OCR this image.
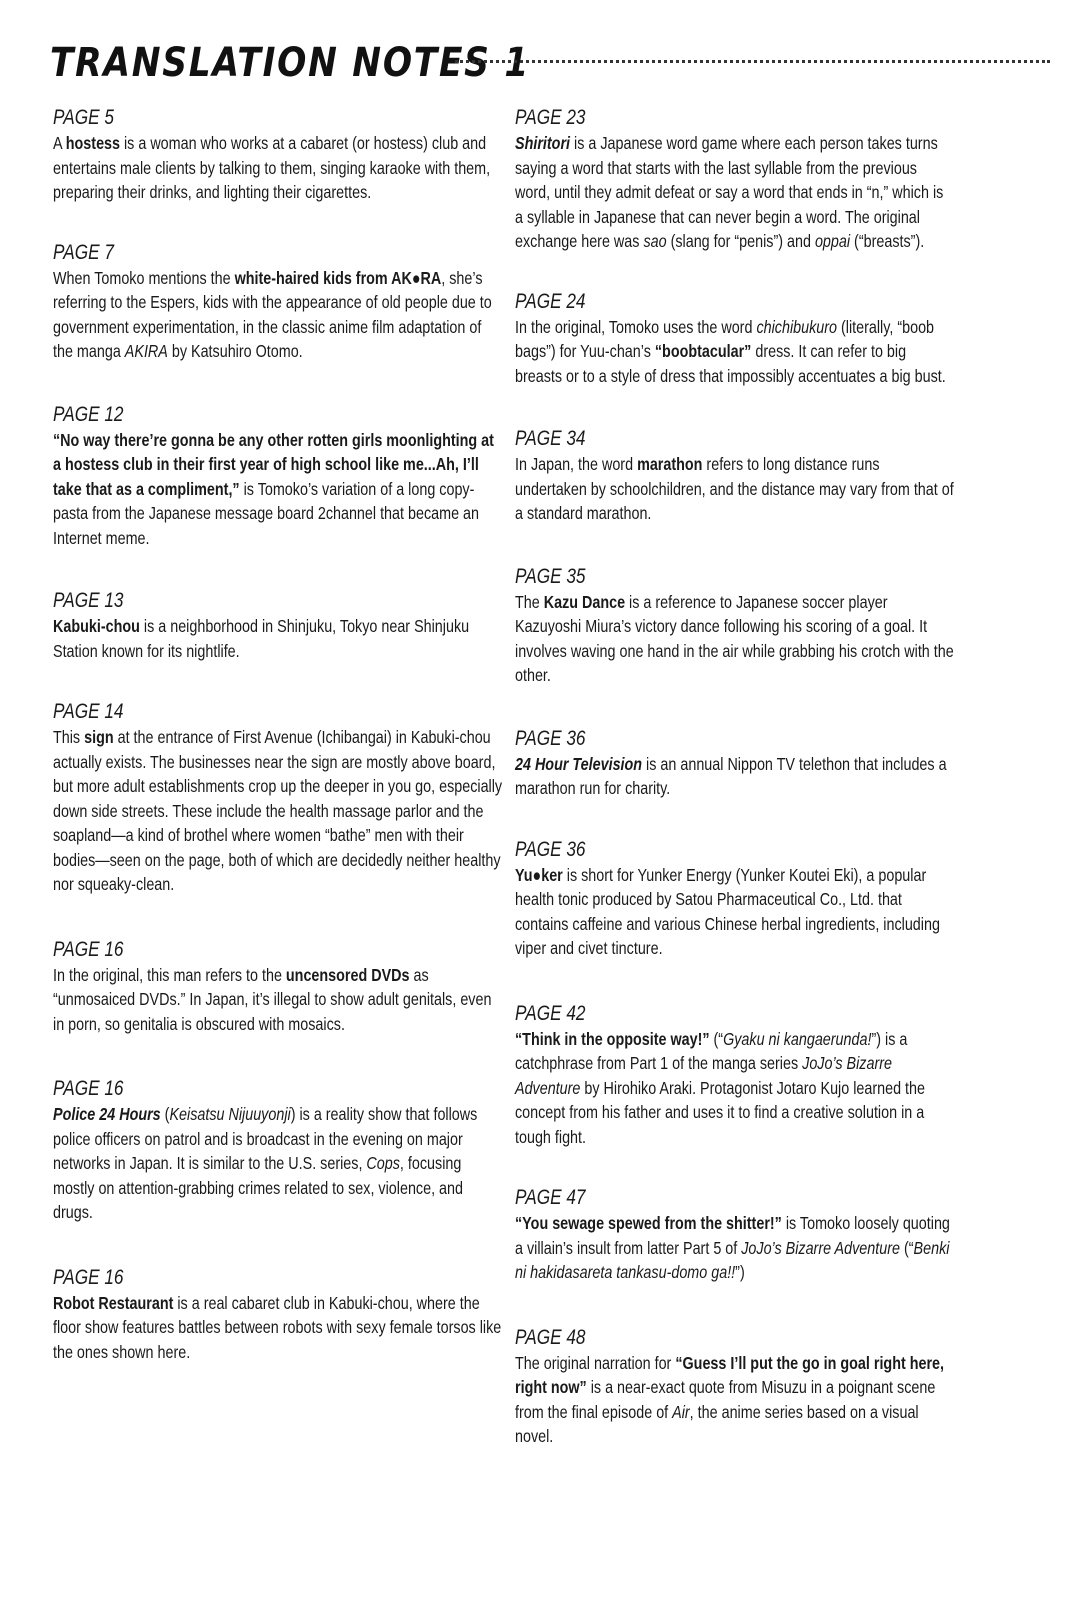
TRANSLATION NOTES 1
PAGE 5
A hostess is a woman who works at a cabaret (or hostess) club and entertains male clients by talking to them, singing karaoke with them, preparing their drinks, and lighting their cigarettes.
PAGE 7
When Tomoko mentions the white-haired kids from AK●RA, she’s referring to the Espers, kids with the appearance of old people due to government experimentation, in the classic anime film adaptation of the manga AKIRA by Katsuhiro Otomo.
PAGE 12
“No way there’re gonna be any other rotten girls moonlighting at a hostess club in their first year of high school like me...Ah, I’ll take that as a compliment,” is Tomoko’s variation of a long copy-pasta from the Japanese message board 2channel that became an Internet meme.
PAGE 13
Kabuki-chou is a neighborhood in Shinjuku, Tokyo near Shinjuku Station known for its nightlife.
PAGE 14
This sign at the entrance of First Avenue (Ichibangai) in Kabuki-chou actually exists. The businesses near the sign are mostly above board, but more adult establishments crop up the deeper in you go, especially down side streets. These include the health massage parlor and the soapland—a kind of brothel where women “bathe” men with their bodies—seen on the page, both of which are decidedly neither healthy nor squeaky-clean.
PAGE 16
In the original, this man refers to the uncensored DVDs as “unmosaiced DVDs.” In Japan, it’s illegal to show adult genitals, even in porn, so genitalia is obscured with mosaics.
PAGE 16
Police 24 Hours (Keisatsu Nijuuyonji) is a reality show that follows police officers on patrol and is broadcast in the evening on major networks in Japan. It is similar to the U.S. series, Cops, focusing mostly on attention-grabbing crimes related to sex, violence, and drugs.
PAGE 16
Robot Restaurant is a real cabaret club in Kabuki-chou, where the floor show features battles between robots with sexy female torsos like the ones shown here.
PAGE 23
Shiritori is a Japanese word game where each person takes turns saying a word that starts with the last syllable from the previous word, until they admit defeat or say a word that ends in “n,” which is a syllable in Japanese that can never begin a word. The original exchange here was sao (slang for “penis”) and oppai (“breasts”).
PAGE 24
In the original, Tomoko uses the word chichibukuro (literally, “boob bags”) for Yuu-chan’s “boobtacular” dress. It can refer to big breasts or to a style of dress that impossibly accentuates a big bust.
PAGE 34
In Japan, the word marathon refers to long distance runs undertaken by schoolchildren, and the distance may vary from that of a standard marathon.
PAGE 35
The Kazu Dance is a reference to Japanese soccer player Kazuyoshi Miura’s victory dance following his scoring of a goal. It involves waving one hand in the air while grabbing his crotch with the other.
PAGE 36
24 Hour Television is an annual Nippon TV telethon that includes a marathon run for charity.
PAGE 36
Yu●ker is short for Yunker Energy (Yunker Koutei Eki), a popular health tonic produced by Satou Pharmaceutical Co., Ltd. that contains caffeine and various Chinese herbal ingredients, including viper and civet tincture.
PAGE 42
“Think in the opposite way!” (“Gyaku ni kangaerunda!”) is a catchphrase from Part 1 of the manga series JoJo’s Bizarre Adventure by Hirohiko Araki. Protagonist Jotaro Kujo learned the concept from his father and uses it to find a creative solution in a tough fight.
PAGE 47
“You sewage spewed from the shitter!” is Tomoko loosely quoting a villain’s insult from latter Part 5 of JoJo’s Bizarre Adventure (“Benki ni hakidasareta tankasu-domo ga!!”)
PAGE 48
The original narration for “Guess I’ll put the go in goal right here, right now” is a near-exact quote from Misuzu in a poignant scene from the final episode of Air, the anime series based on a visual novel.
